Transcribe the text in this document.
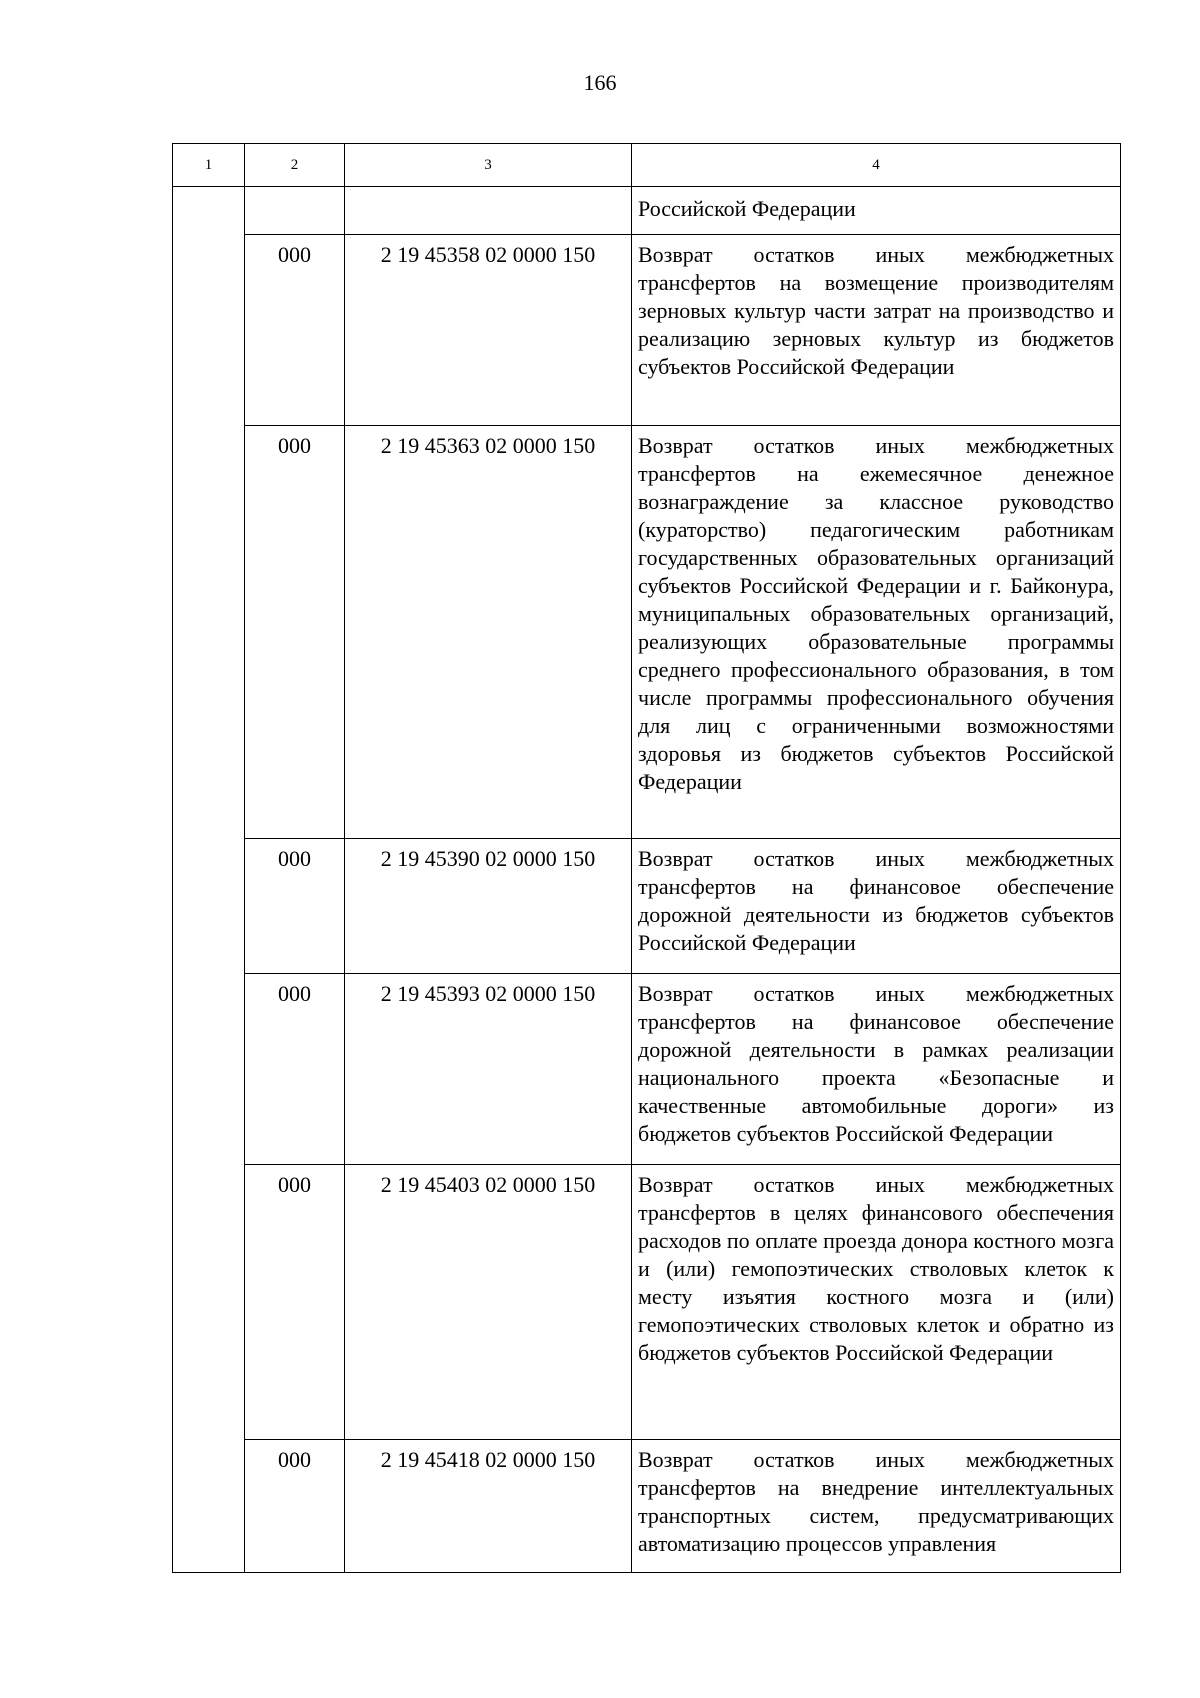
166
1	2	3	4
			Российской Федерации
	000	2 19 45358 02 0000 150	Возврат остатков иных межбюджетных трансфертов на возмещение производителям зерновых культур части затрат на производство и реализацию зерновых культур из бюджетов субъектов Российской Федерации
	000	2 19 45363 02 0000 150	Возврат остатков иных межбюджетных трансфертов на ежемесячное денежное вознаграждение за классное руководство (кураторство) педагогическим работникам государственных образовательных организаций субъектов Российской Федерации и г. Байконура, муниципальных образовательных организаций, реализующих образовательные программы среднего профессионального образования, в том числе программы профессионального обучения для лиц с ограниченными возможностями здоровья из бюджетов субъектов Российской Федерации
	000	2 19 45390 02 0000 150	Возврат остатков иных межбюджетных трансфертов на финансовое обеспечение дорожной деятельности из бюджетов субъектов Российской Федерации
	000	2 19 45393 02 0000 150	Возврат остатков иных межбюджетных трансфертов на финансовое обеспечение дорожной деятельности в рамках реализации национального проекта «Безопасные и качественные автомобильные дороги» из бюджетов субъектов Российской Федерации
	000	2 19 45403 02 0000 150	Возврат остатков иных межбюджетных трансфертов в целях финансового обеспечения расходов по оплате проезда донора костного мозга и (или) гемопоэтических стволовых клеток к месту изъятия костного мозга и (или) гемопоэтических стволовых клеток и обратно из бюджетов субъектов Российской Федерации
	000	2 19 45418 02 0000 150	Возврат остатков иных межбюджетных трансфертов на внедрение интеллектуальных транспортных систем, предусматривающих автоматизацию процессов управления
